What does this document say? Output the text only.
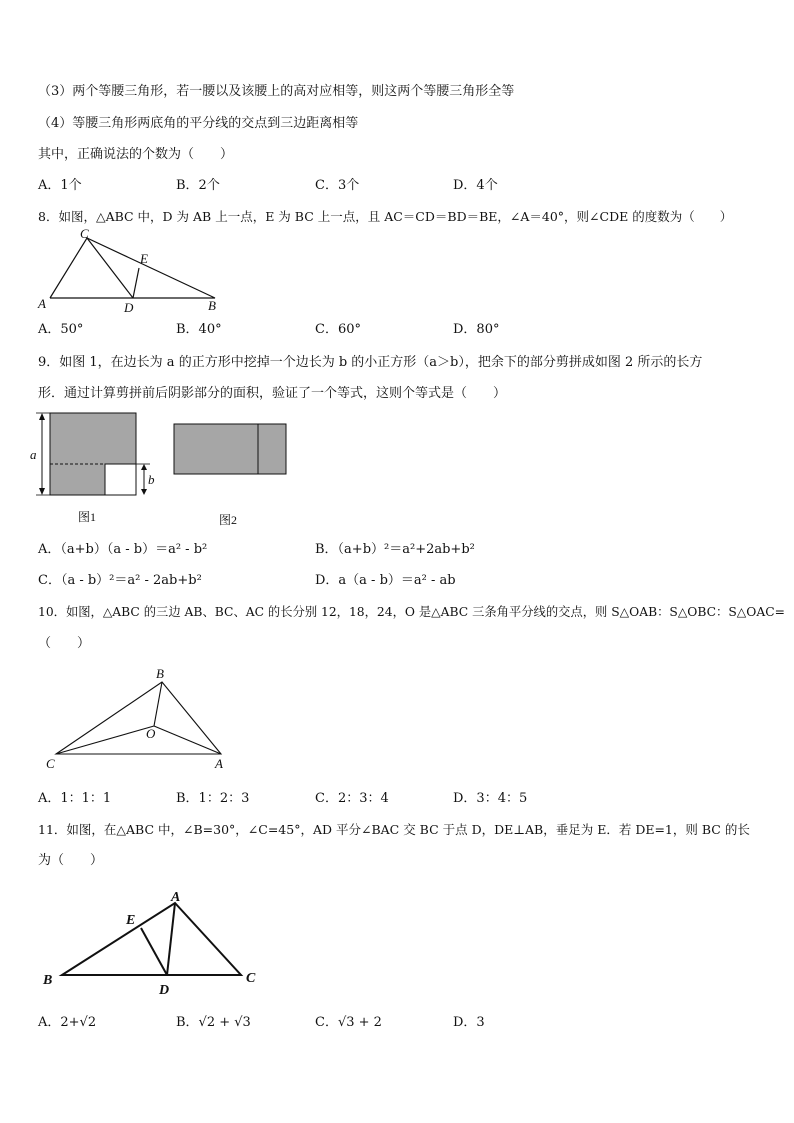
（3）两个等腰三角形，若一腰以及该腰上的高对应相等，则这两个等腰三角形全等
（4）等腰三角形两底角的平分线的交点到三边距离相等
其中，正确说法的个数为（　　）
A．1个	B．2个	C．3个	D．4个
8．如图，△ABC 中，D 为 AB 上一点，E 为 BC 上一点，且 AC＝CD＝BD＝BE，∠A＝40°，则∠CDE 的度数为（　　）
C
E
A	D	B
A．50°	B．40°	C．60°	D．80°
9．如图 1，在边长为 a 的正方形中挖掉一个边长为 b 的小正方形（a＞b），把余下的部分剪拼成如图 2 所示的长方
形．通过计算剪拼前后阴影部分的面积，验证了一个等式，这则个等式是（　　）
a
b
图1	图2
A．（a+b）（a - b）＝a² - b²	B．（a+b）²＝a²+2ab+b²
C．（a - b）²＝a² - 2ab+b²	D．a（a - b）＝a² - ab
10．如图，△ABC 的三边 AB、BC、AC 的长分别 12，18，24，O 是△ABC 三条角平分线的交点，则 S△OAB：S△OBC：S△OAC=
（　　）
B
O
C	A
A．1：1：1	B．1：2：3	C．2：3：4	D．3：4：5
11．如图，在△ABC 中，∠B=30°，∠C=45°，AD 平分∠BAC 交 BC 于点 D，DE⊥AB，垂足为 E．若 DE=1，则 BC 的长
为（　　）
A
E
B
D
C
A．2+√2	B．√2 + √3	C．√3 + 2	D．3
